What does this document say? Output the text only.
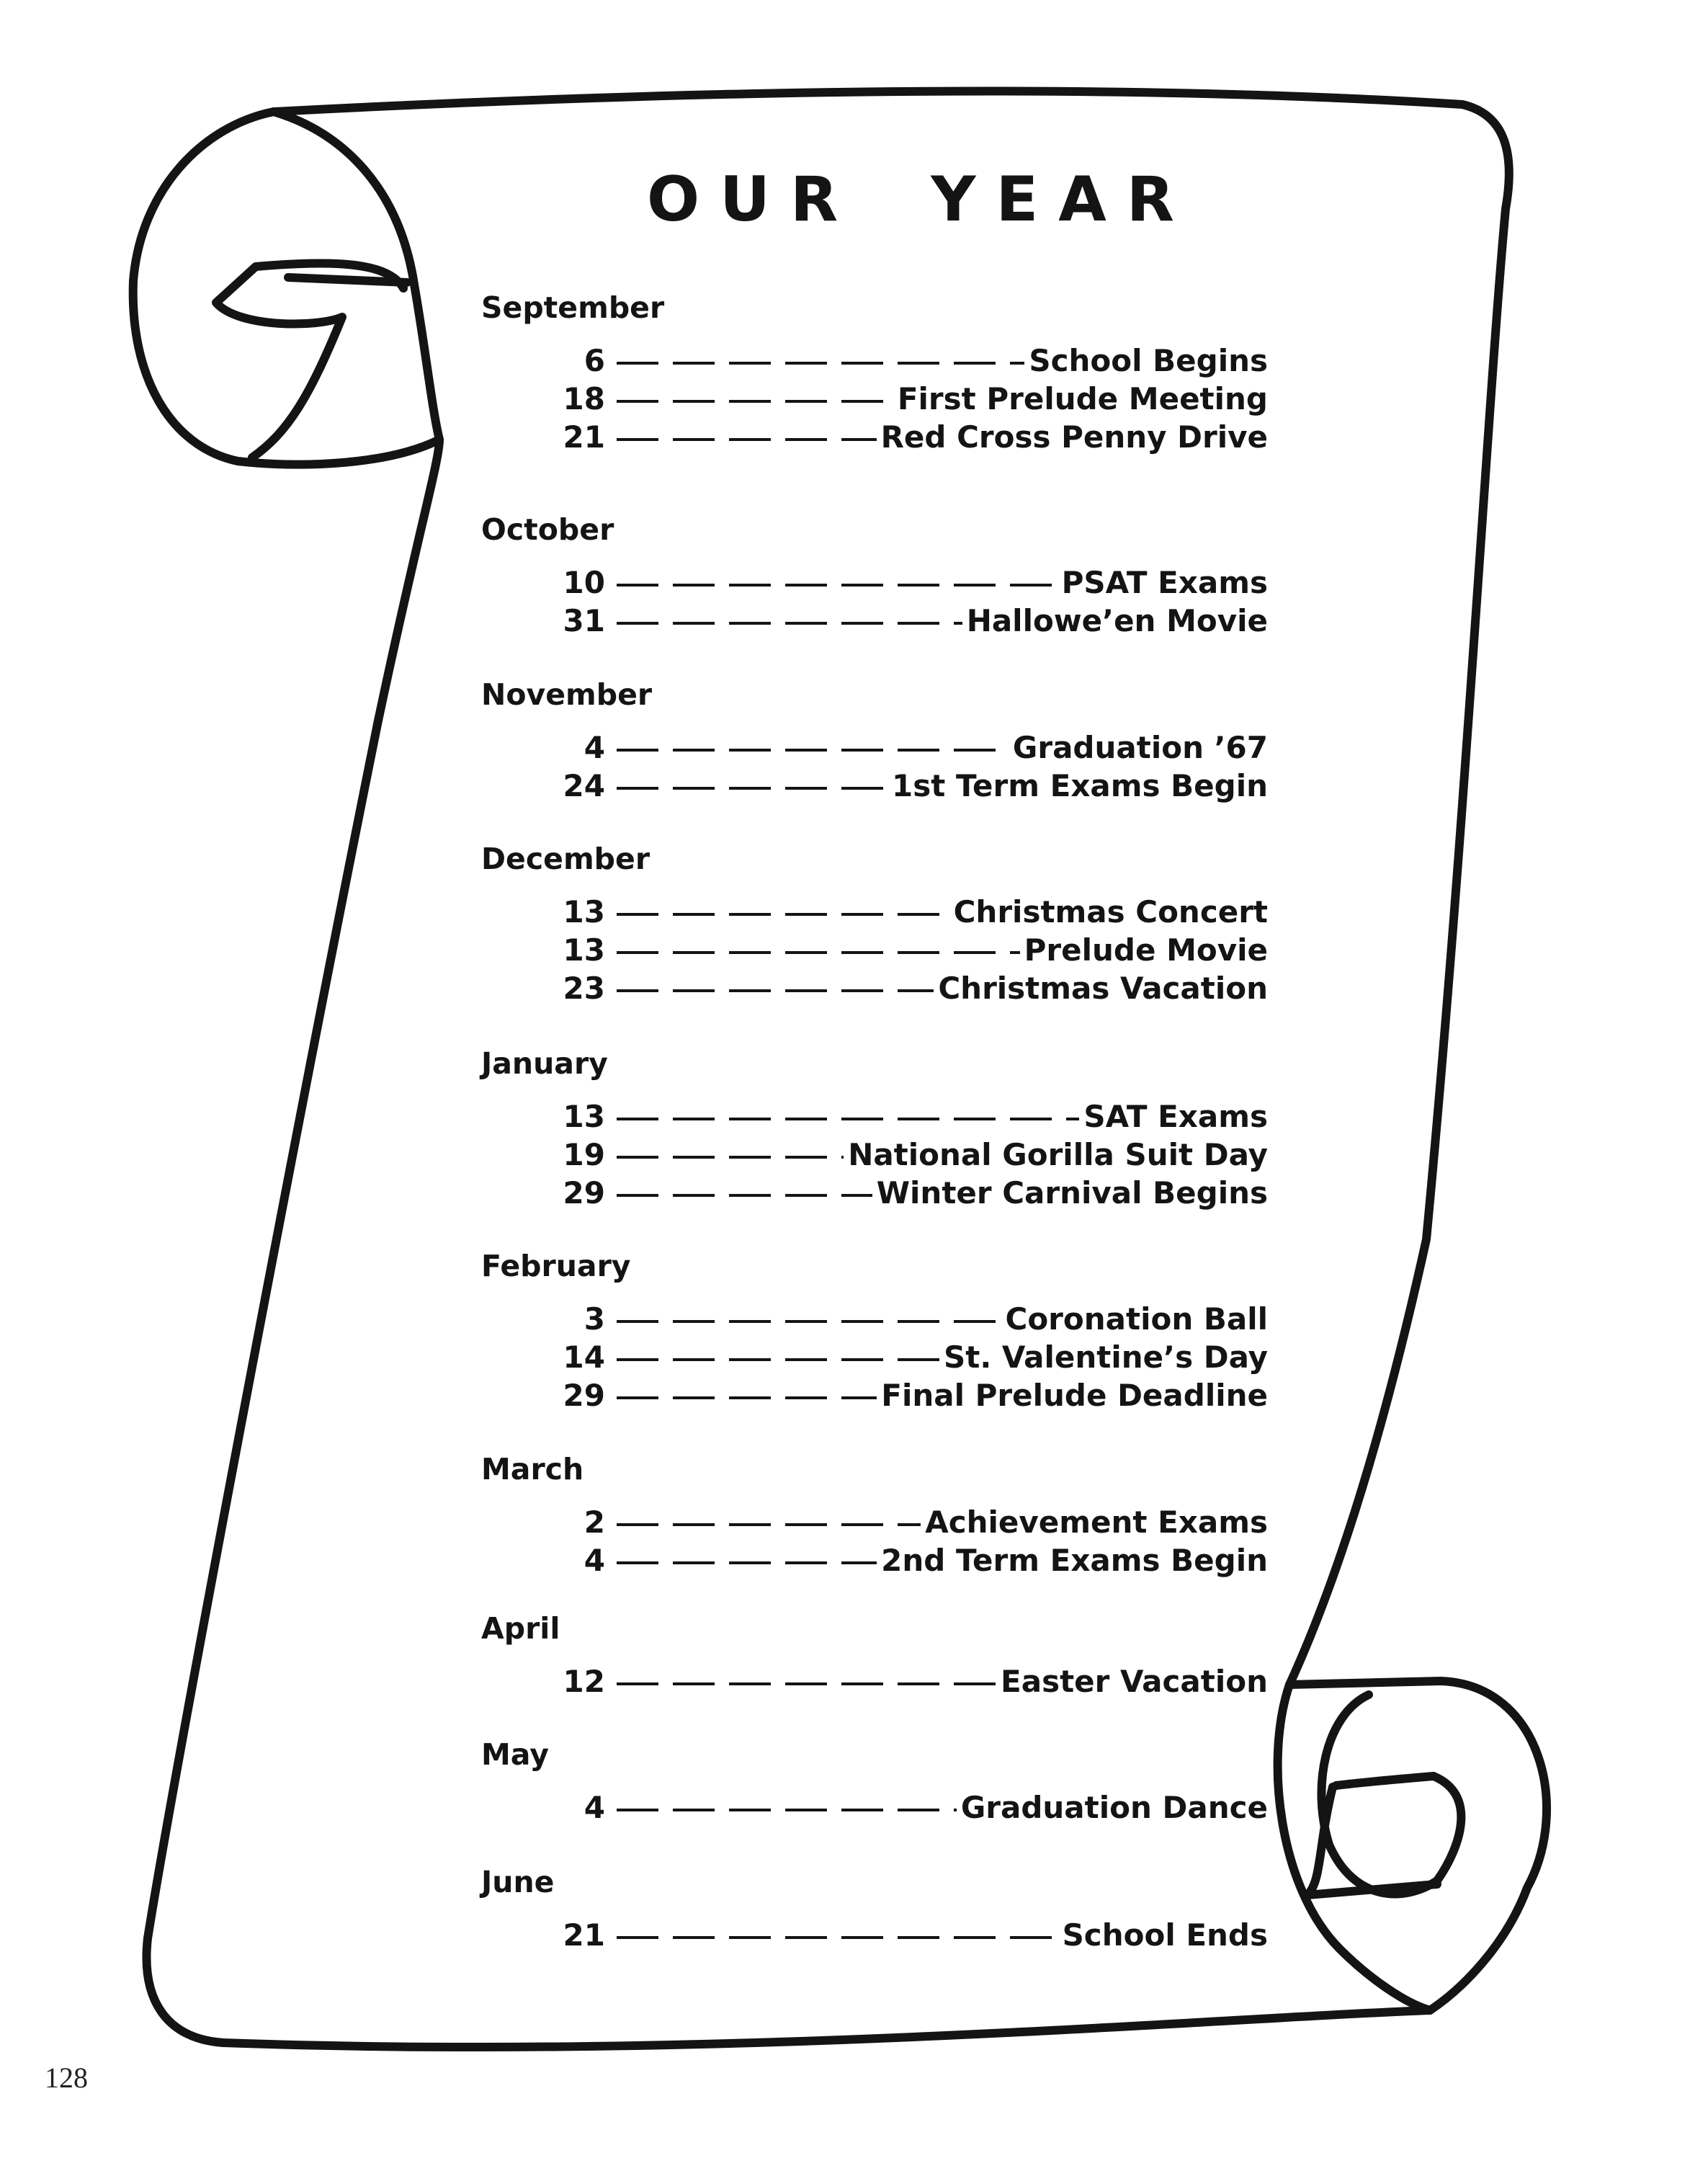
OUR YEAR
September
6	School Begins
18	First Prelude Meeting
21	Red Cross Penny Drive
October
10	PSAT Exams
31	Hallowe’en Movie
November
4	Graduation ’67
24	1st Term Exams Begin
December
13	Christmas Concert
13	Prelude Movie
23	Christmas Vacation
January
13	SAT Exams
19	National Gorilla Suit Day
29	Winter Carnival Begins
February
3	Coronation Ball
14	St. Valentine’s Day
29	Final Prelude Deadline
March
2	Achievement Exams
4	2nd Term Exams Begin
April
12	Easter Vacation
May
4	Graduation Dance
June
21	School Ends
128
